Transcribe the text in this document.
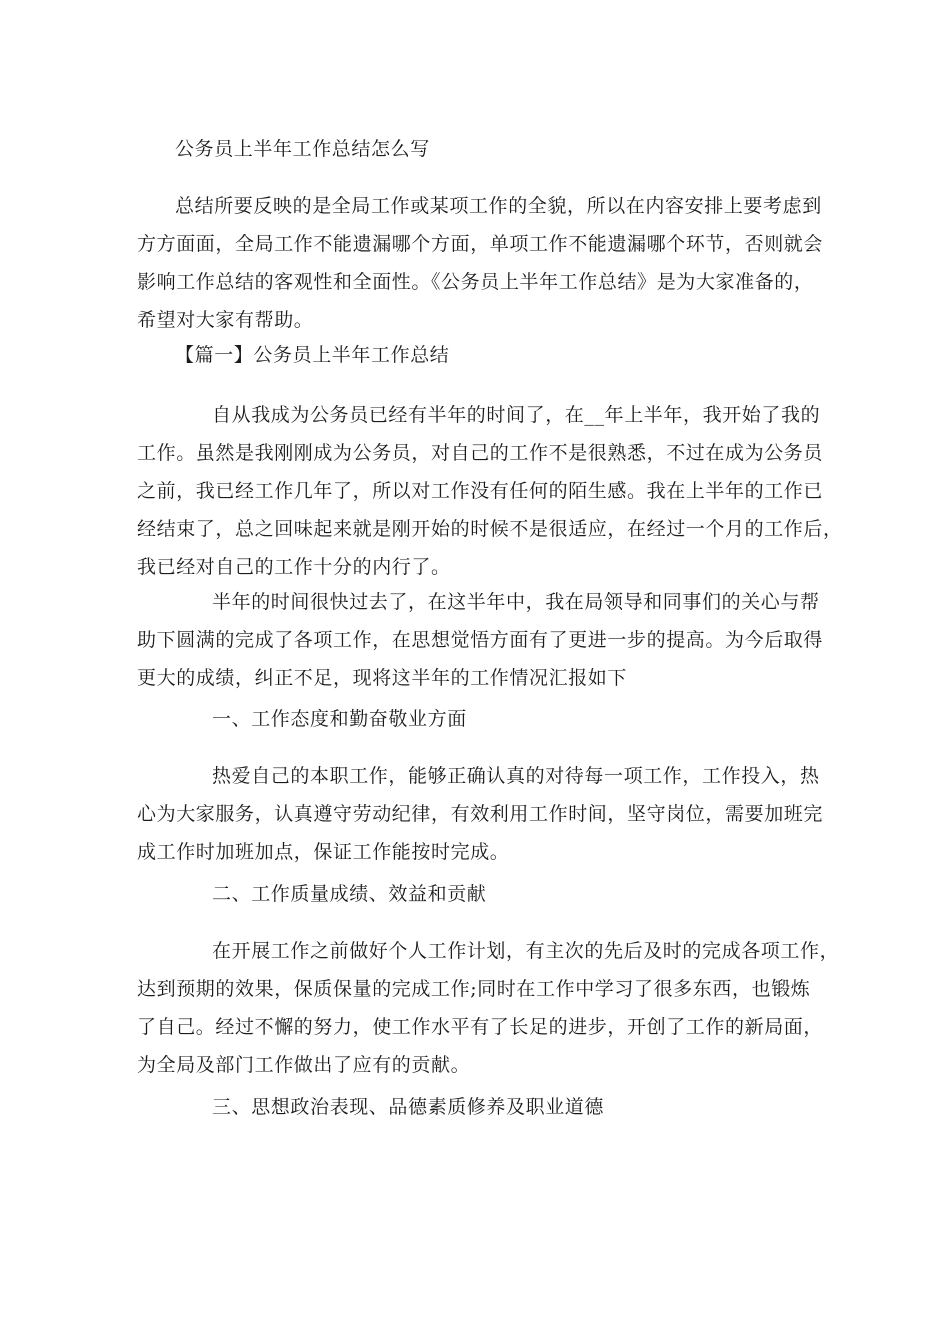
公务员上半年工作总结怎么写

总结所要反映的是全局工作或某项工作的全貌，所以在内容安排上要考虑到
方方面面，全局工作不能遗漏哪个方面，单项工作不能遗漏哪个环节，否则就会
影响工作总结的客观性和全面性。《公务员上半年工作总结》是为大家准备的，
希望对大家有帮助。

【篇一】公务员上半年工作总结

自从我成为公务员已经有半年的时间了，在__年上半年，我开始了我的
工作。虽然是我刚刚成为公务员，对自己的工作不是很熟悉，不过在成为公务员
之前，我已经工作几年了，所以对工作没有任何的陌生感。我在上半年的工作已
经结束了，总之回味起来就是刚开始的时候不是很适应，在经过一个月的工作后，
我已经对自己的工作十分的内行了。
半年的时间很快过去了，在这半年中，我在局领导和同事们的关心与帮
助下圆满的完成了各项工作，在思想觉悟方面有了更进一步的提高。为今后取得
更大的成绩，纠正不足，现将这半年的工作情况汇报如下

一、工作态度和勤奋敬业方面

热爱自己的本职工作，能够正确认真的对待每一项工作，工作投入，热
心为大家服务，认真遵守劳动纪律，有效利用工作时间，坚守岗位，需要加班完
成工作时加班加点，保证工作能按时完成。

二、工作质量成绩、效益和贡献

在开展工作之前做好个人工作计划，有主次的先后及时的完成各项工作，
达到预期的效果，保质保量的完成工作;同时在工作中学习了很多东西，也锻炼
了自己。经过不懈的努力，使工作水平有了长足的进步，开创了工作的新局面，
为全局及部门工作做出了应有的贡献。

三、思想政治表现、品德素质修养及职业道德
